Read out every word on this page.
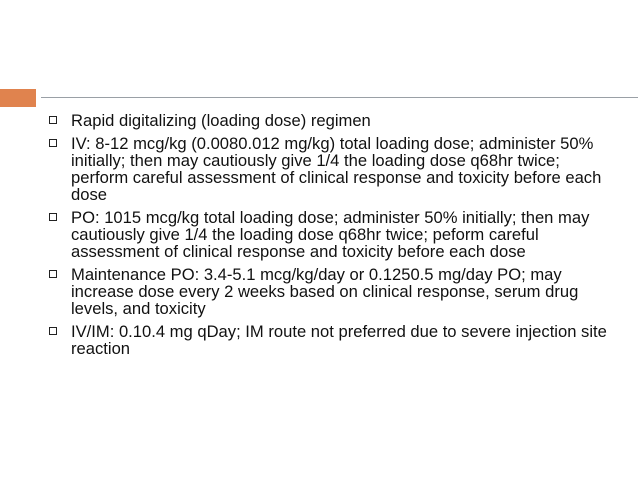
Rapid digitalizing (loading dose) regimen
IV: 8-12 mcg/kg (0.0080.012 mg/kg) total loading dose; administer 50% initially; then may cautiously give 1/4 the loading dose q68hr twice; perform careful assessment of clinical response and toxicity before each dose
PO: 1015 mcg/kg total loading dose; administer 50% initially; then may cautiously give 1/4 the loading dose q68hr twice; peform careful assessment of clinical response and toxicity before each dose
Maintenance PO: 3.4-5.1 mcg/kg/day or 0.1250.5 mg/day PO; may increase dose every 2 weeks based on clinical response, serum drug levels, and toxicity
IV/IM: 0.10.4 mg qDay; IM route not preferred due to severe injection site reaction
